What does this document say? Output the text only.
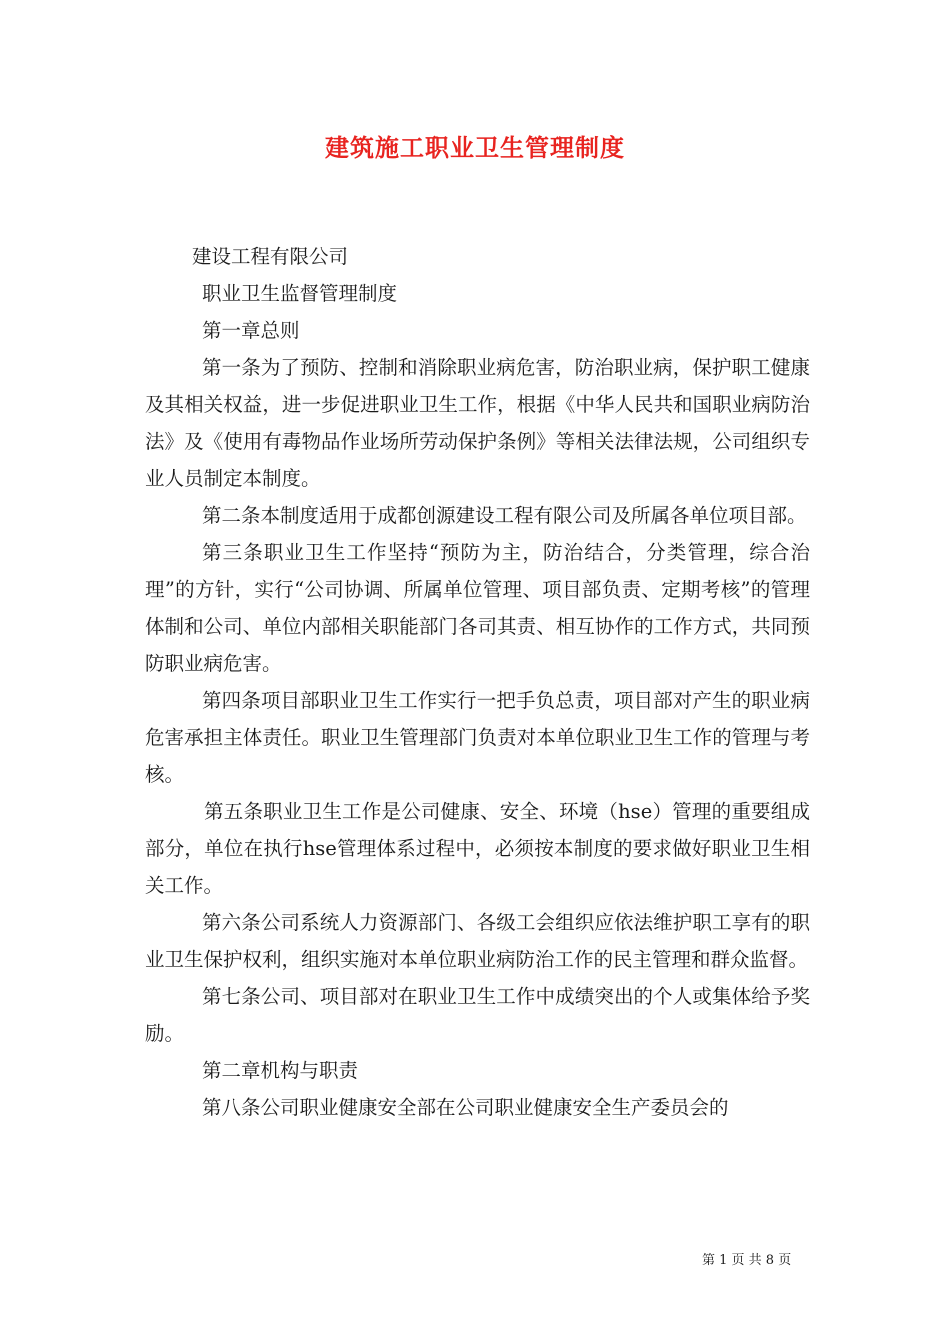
建筑施工职业卫生管理制度

建设工程有限公司

职业卫生监督管理制度

第一章总则

第一条为了预防、控制和消除职业病危害，防治职业病，保护职工健康及其相关权益，进一步促进职业卫生工作，根据《中华人民共和国职业病防治法》及《使用有毒物品作业场所劳动保护条例》等相关法律法规，公司组织专业人员制定本制度。

第二条本制度适用于成都创源建设工程有限公司及所属各单位项目部。

第三条职业卫生工作坚持“预防为主，防治结合，分类管理，综合治理”的方针，实行“公司协调、所属单位管理、项目部负责、定期考核”的管理体制和公司、单位内部相关职能部门各司其责、相互协作的工作方式，共同预防职业病危害。

第四条项目部职业卫生工作实行一把手负总责，项目部对产生的职业病危害承担主体责任。职业卫生管理部门负责对本单位职业卫生工作的管理与考核。

第五条职业卫生工作是公司健康、安全、环境（hse）管理的重要组成部分，单位在执行hse管理体系过程中，必须按本制度的要求做好职业卫生相关工作。

第六条公司系统人力资源部门、各级工会组织应依法维护职工享有的职业卫生保护权利，组织实施对本单位职业病防治工作的民主管理和群众监督。

第七条公司、项目部对在职业卫生工作中成绩突出的个人或集体给予奖励。

第二章机构与职责

第八条公司职业健康安全部在公司职业健康安全生产委员会的

第 1 页 共 8 页
